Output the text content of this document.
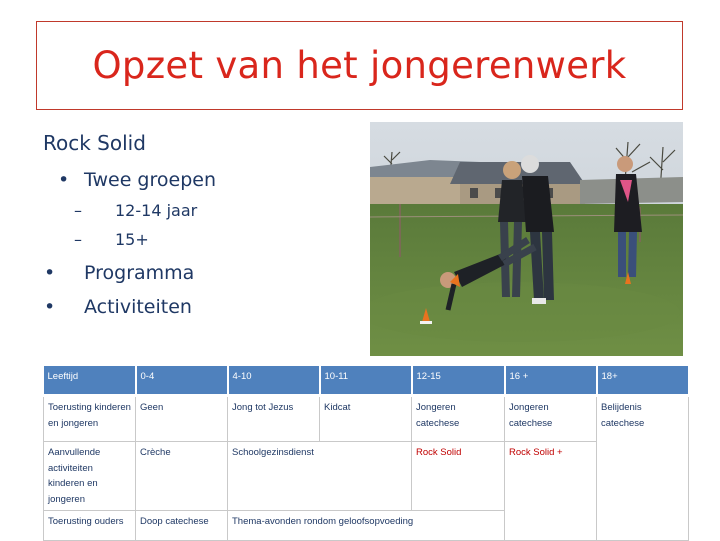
Opzet van het jongerenwerk
Rock Solid
• Twee groepen
– 12-14 jaar
– 15+
• Programma
• Activiteiten
Leeftijd	0-4	4-10	10-11	12-15	16 +	18+
Toerusting kinderen en jongeren	Geen	Jong tot Jezus	Kidcat	Jongeren catechese	Jongeren catechese	Belijdenis catechese
Aanvullende activiteiten kinderen en jongeren	Crèche	Schoolgezinsdienst		Rock Solid	Rock Solid +	
Toerusting ouders	Doop catechese	Thema-avonden rondom geloofsopvoeding				
